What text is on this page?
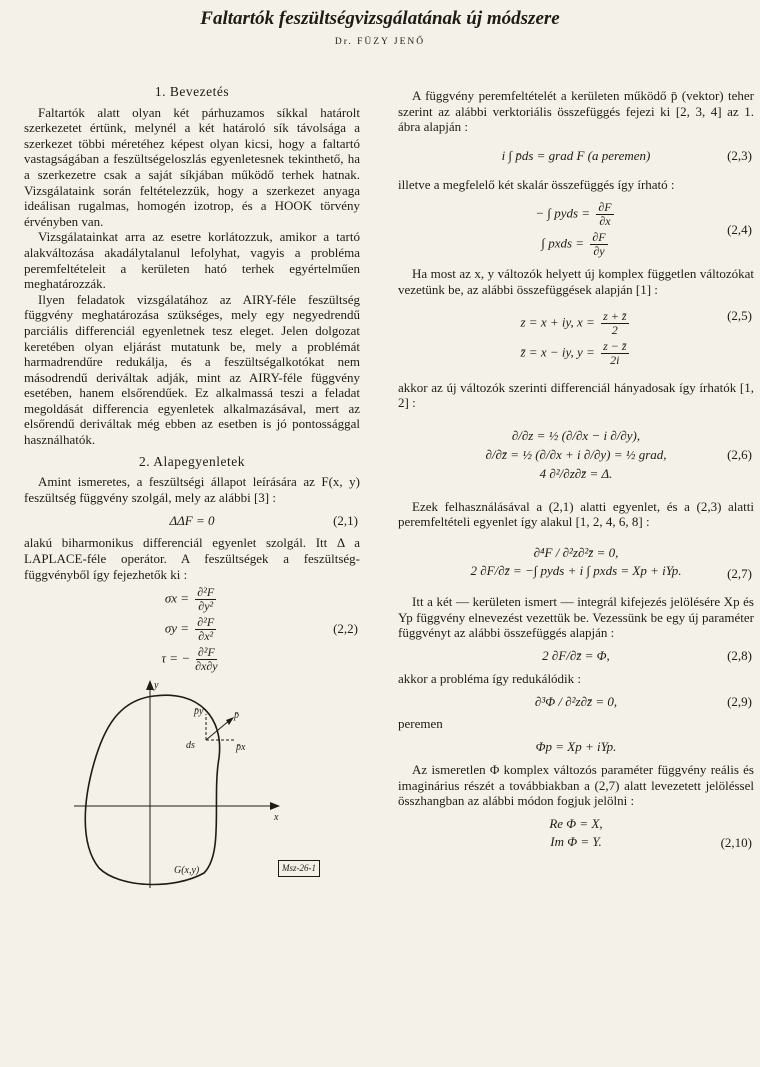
Faltartók feszültségvizsgálatának új módszere
Dr. FÜZY JENŐ
1. Bevezetés

Faltartók alatt olyan két párhuzamos síkkal határolt szerkezetet értünk, melynél a két határoló sík távolsága a szerkezet többi méretéhez képest olyan kicsi, hogy a faltartó vastagságában a feszültségeloszlás egyenletesnek tekinthető, ha a szerkezetre csak a saját síkjában működő terhek hatnak. Vizsgálataink során feltételezzük, hogy a szerkezet anyaga ideálisan rugalmas, homogén izotrop, és a HOOK törvény érvényben van.

Vizsgálatainkat arra az esetre korlátozzuk, amikor a tartó alakváltozása akadálytalanul lefolyhat, vagyis a probléma peremfeltételeit a kerületen ható terhek egyértelműen meghatározzák.

Ilyen feladatok vizsgálatához az AIRY-féle feszültség függvény meghatározása szükséges, mely egy negyedrendű parciális differenciál egyenletnek tesz eleget. Jelen dolgozat keretében olyan eljárást mutatunk be, mely a problémát harmadrendűre redukálja, és a feszültségalkotókat nem másodrendű deriváltak adják, mint az AIRY-féle függvény esetében, hanem elsőrendűek. Ez alkalmassá teszi a feladat megoldását differencia egyenletek alkalmazásával, mert az elsőrendű deriváltak még ebben az esetben is jó pontossággal használhatók.

2. Alapegyenletek

Amint ismeretes, a feszültségi állapot leírására az F(x, y) feszültség függvény szolgál, mely az alábbi [3] :

ΔΔF = 0	(2,1)

alakú biharmonikus differenciál egyenlet szolgál. Itt Δ a LAPLACE-féle operátor. A feszültségek a feszültség-függvényből így fejezhetők ki :

$\sigma x = \frac{\text{∂²F}}{\text{∂y²}}$
$\sigma y = \frac{\text{∂²F}}{\text{∂x²}}$
τ = − $\frac{\text{∂²F}}{\partial x\partial y}$
(2,2)
y
x
ds
p̄
p̄y
p̄x
G(x,y)	Msz-26-1

A függvény peremfeltételét a kerületen működő p̄ (vektor) teher szerint az alábbi verktoriális összefüggés fejezi ki [2, 3, 4] az 1. ábra alapján :

i ∫ p̄ds = grad F (a peremen)	(2,3)

illetve a megfelelő két skalár összefüggés így írható :

− ∫ pyds = $\frac{\partial F}{\partial x}$
∫ pxds = $\frac{\partial F}{\partial y}$
(2,4)

Ha most az x, y változók helyett új komplex független változókat vezetünk be, az alábbi összefüggések alapján [1] :

z = x + iy, $x = \frac{z + z̄}{2}$
z̄ = x − iy, $y = \frac{z - z̄}{2i}$
(2,5)

akkor az új változók szerinti differenciál hányadosak így írhatók [1, 2] :

∂/∂z = ½ (∂/∂x − i ∂/∂y),
∂/∂z̄ = ½ (∂/∂x + i ∂/∂y) = ½ grad,
4 ∂²/∂z∂z̄ = Δ.
(2,6)

Ezek felhasználásával a (2,1) alatti egyenlet, és a (2,3) alatti peremfeltételi egyenlet így alakul [1, 2, 4, 6, 8] :

∂⁴F / ∂²z∂²z̄ = 0,
2 ∂F/∂z̄ = −∫ pyds + i ∫ pxds = Xp + iYp.	(2,7)

Itt a két — kerületen ismert — integrál kifejezés jelölésére Xp és Yp függvény elnevezést vezettük be. Vezessünk be egy új paraméter függvényt az alábbi összefüggés alapján :

2 ∂F/∂z̄ = Φ,	(2,8)

akkor a probléma így redukálódik :

∂³Φ / ∂²z∂z̄ = 0,	(2,9)

peremen

Φp = Xp + iYp.

Az ismeretlen Φ komplex változós paraméter függvény reális és imaginárius részét a továbbiakban a (2,7) alatt levezetett jelöléssel összhangban az alábbi módon fogjuk jelölni :

Re Φ = X,
Im Φ = Y.	(2,10)
